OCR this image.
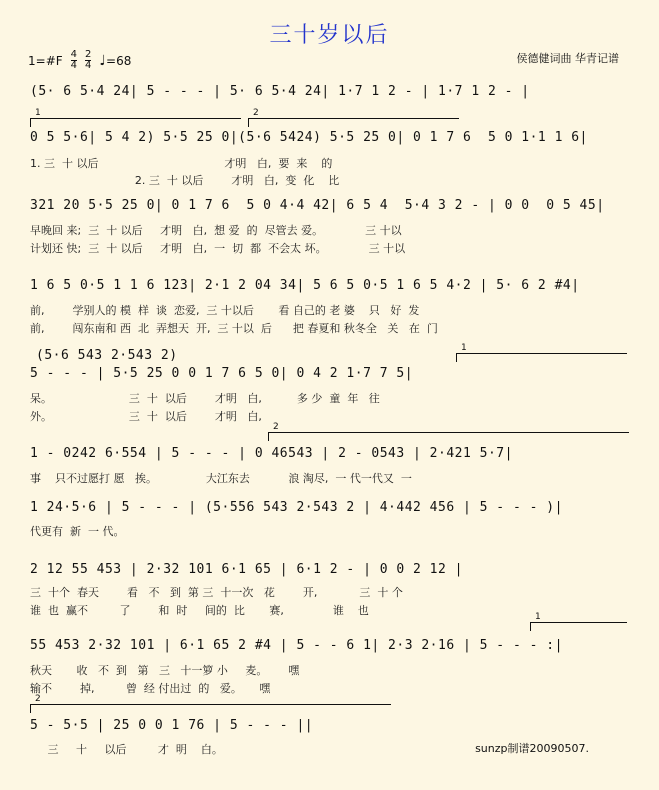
三十岁以后
1=#F $\frac{4}{4} \frac{2}{4}$ ♩=68	侯德健词曲 华青记谱
(5· 6 5·4 24| 5 - - - | 5· 6 5·4 24| 1·7 1 2 - | 1·7 1 2 - |
1	2
0 5 5·6| 5 4 2) 5·5 25 0|(5·6 5424) 5·5 25 0| 0 1 7 6  5 0 1·1 1 6|
1. 三  十 以后                                    才明   白,  要  来    的
2. 三  十 以后        才明   白,  变  化    比
321 20 5·5 25 0| 0 1 7 6  5 0 4·4 42| 6 5 4  5·4 3 2 - | 0 0  0 5 45|
早晚回 来;  三  十 以后     才明   白,  想 爱  的  尽管去 爱。            三 十以
计划还 快;  三  十 以后     才明   白,  一  切  都  不会太 坏。            三 十以
1 6 5 0·5 1 1 6 123| 2·1 2 04 34| 5 6 5 0·5 1 6 5 4·2 | 5· 6 2 #4|
前,        学别人的 模  样  谈  恋爱,  三 十以后       看 自己的 老 婆    只   好  发
前,        闯东南和 西  北  弄想天  开,  三 十以  后      把 春夏和 秋冬全   关   在  门
(5·6 543 2·543 2)	1
5 - - - | 5·5 25 0 0 1 7 6 5 0| 0 4 2 1·7 7 5|
呆。                      三  十  以后        才明   白,          多 少  童  年   往
外。                      三  十  以后        才明   白,
2
1 - 0242 6·554 | 5 - - - | 0 46543 | 2 - 0543 | 2·421 5·7|
事    只不过愿打 愿   挨。              大江东去           浪 淘尽,  一 代一代又  一
1 24·5·6 | 5 - - - | (5·556 543 2·543 2 | 4·442 456 | 5 - - - )|
代更有  新  一 代。
2 12 55 453 | 2·32 101 6·1 65 | 6·1 2 - | 0 0 2 12 |
三  十个  春天        看   不   到  第 三  十一次   花        开,            三  十 个
谁  也  赢不         了        和  时     间的  比       赛,              谁    也	1
55 453 2·32 101 | 6·1 65 2 #4 | 5 - - 6 1| 2·3 2·16 | 5 - - - :|
秋天       收   不  到   第   三   十一箩 小     麦。      嘿
输不        掉,         曾  经 付出过  的   爱。     嘿
2
5 - 5·5 | 25 0 0 1 76 | 5 - - - ||
三     十     以后         才  明    白。	sunzp制谱20090507.
